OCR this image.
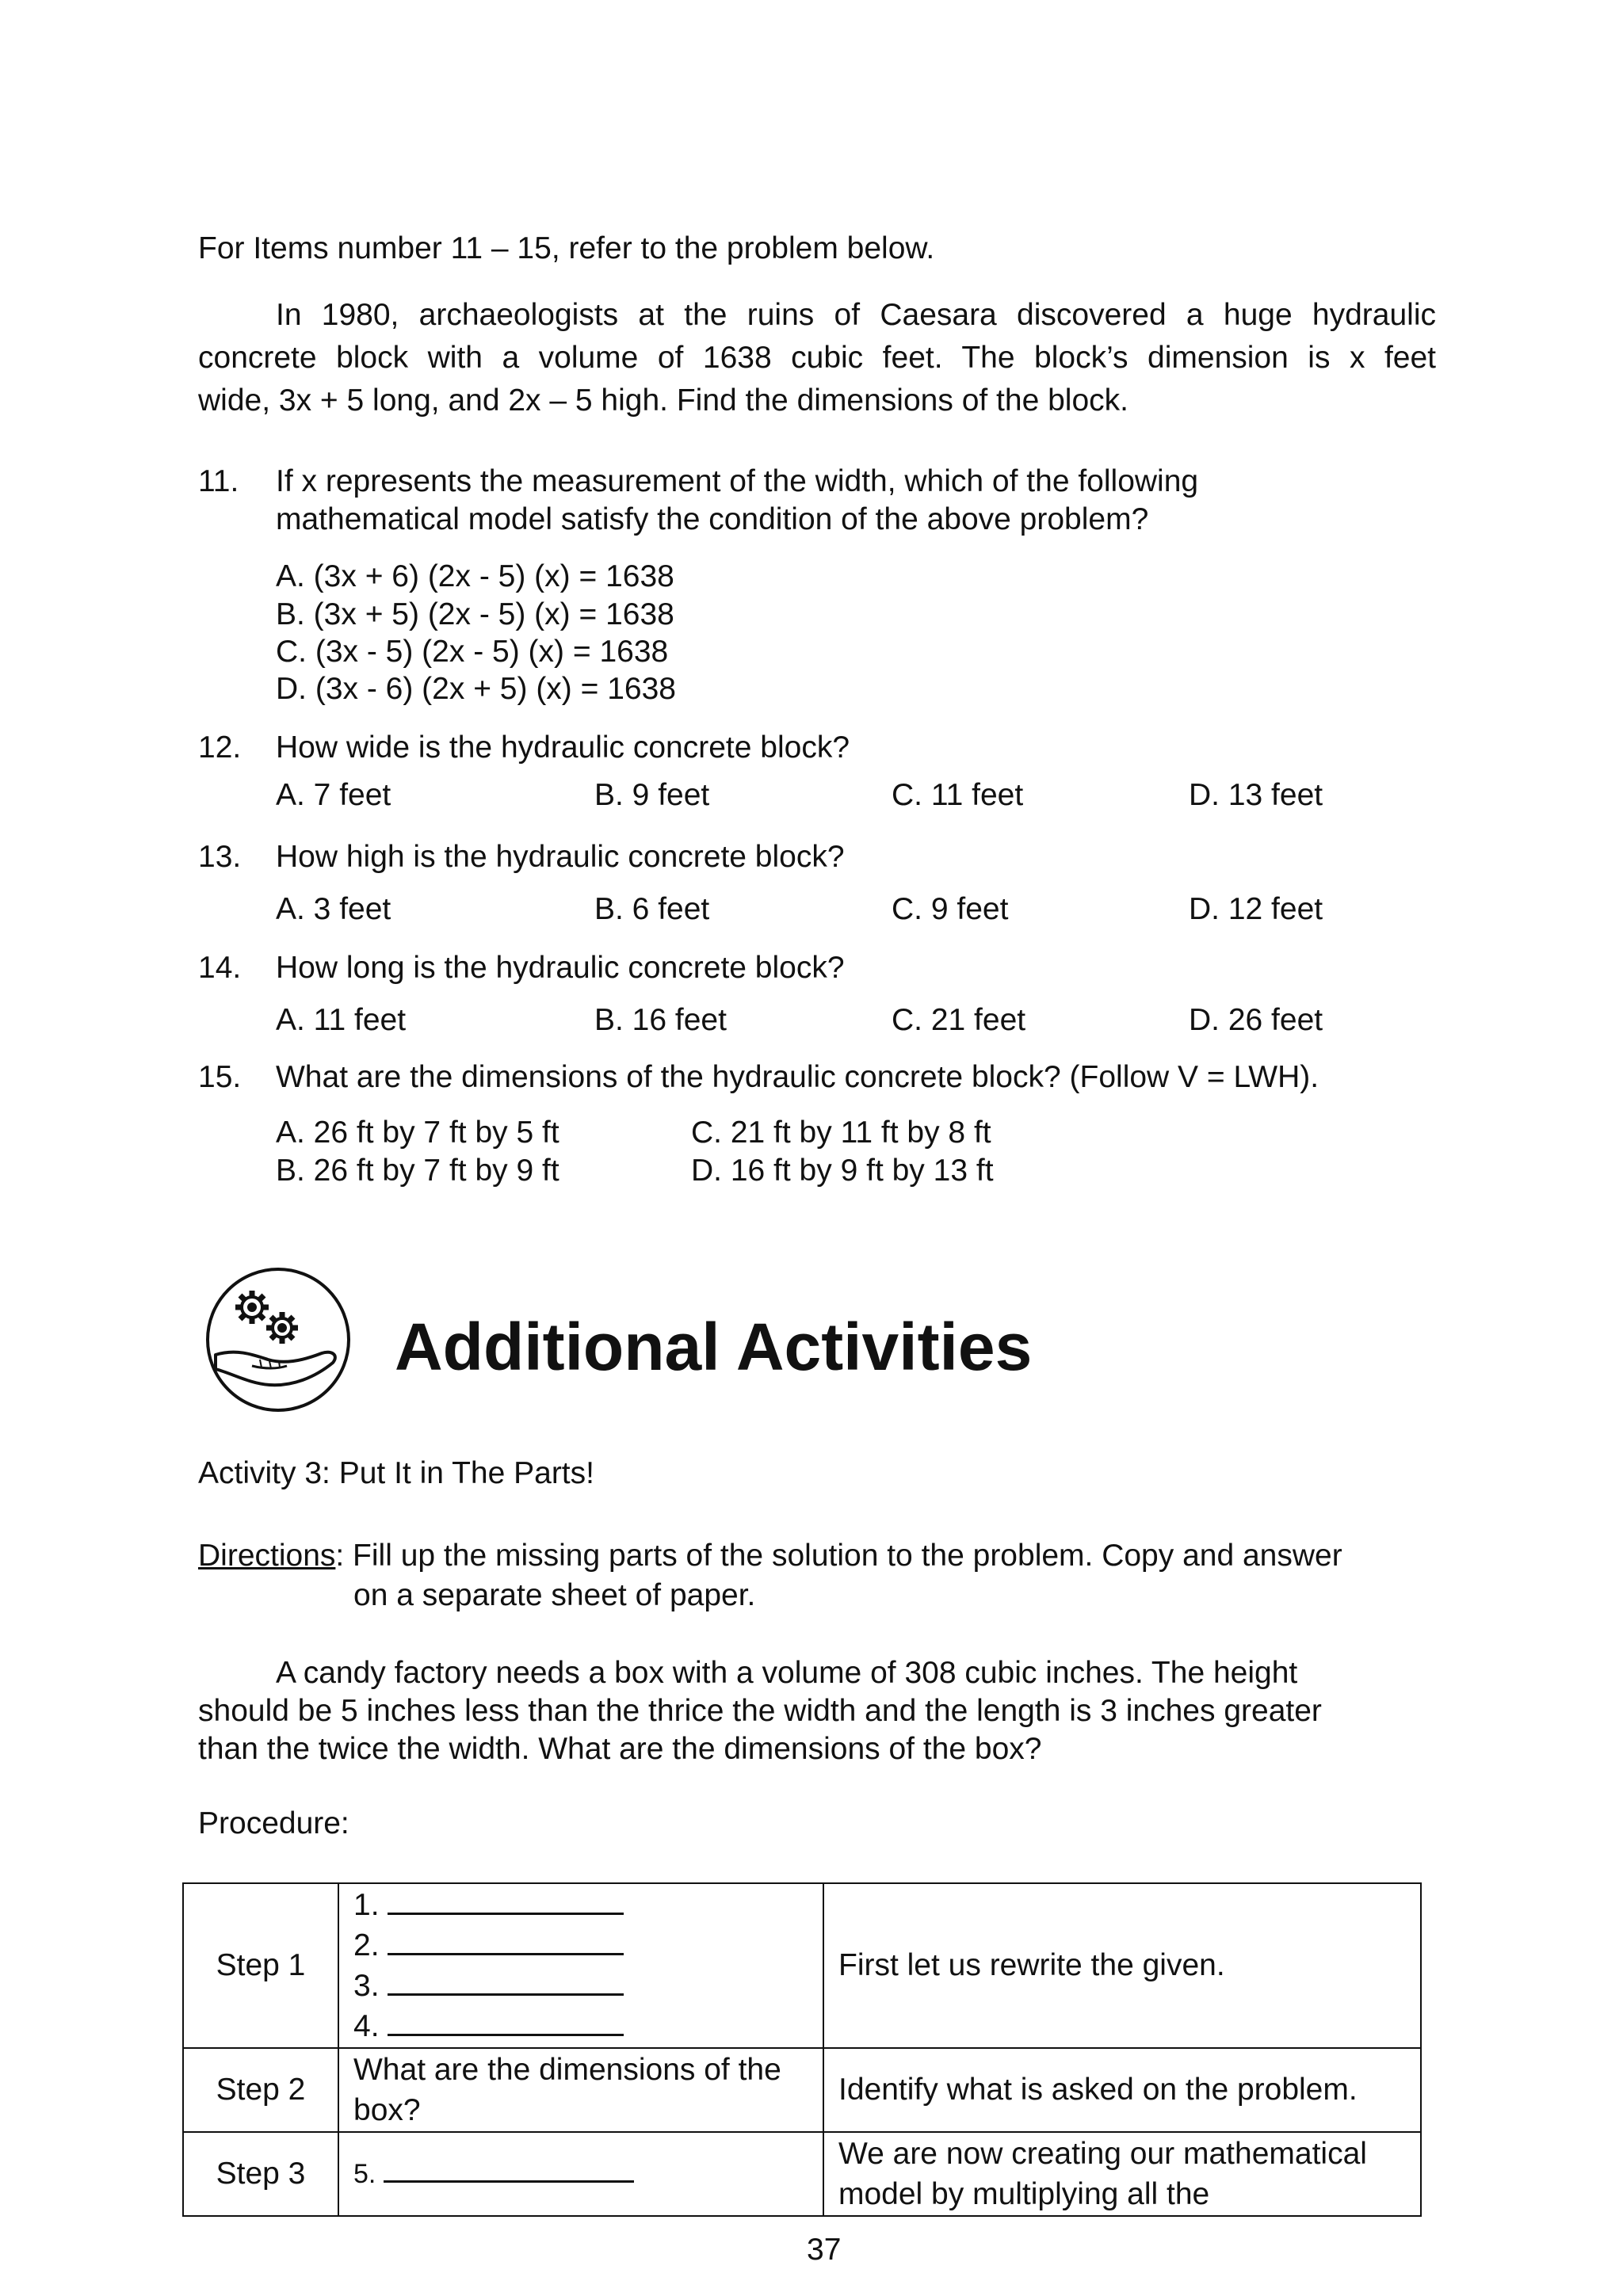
For Items number 11 – 15, refer to the problem below.
In 1980, archaeologists at the ruins of Caesara discovered a huge hydraulic
concrete block with a volume of 1638 cubic feet. The block’s dimension is x feet
wide, 3x + 5 long, and 2x – 5 high. Find the dimensions of the block.
11. If x represents the measurement of the width, which of the following
mathematical model satisfy the condition of the above problem?
A. (3x + 6) (2x - 5) (x) = 1638
B. (3x + 5) (2x - 5) (x) = 1638
C. (3x - 5) (2x - 5) (x) = 1638
D. (3x - 6) (2x + 5) (x) = 1638
12. How wide is the hydraulic concrete block?
A. 7 feet	B. 9 feet	C. 11 feet	D. 13 feet
13. How high is the hydraulic concrete block?
A. 3 feet	B. 6 feet	C. 9 feet	D. 12 feet
14. How long is the hydraulic concrete block?
A. 11 feet	B. 16 feet	C. 21 feet	D. 26 feet
15. What are the dimensions of the hydraulic concrete block? (Follow V = LWH).
A. 26 ft by 7 ft by 5 ft
B. 26 ft by 7 ft by 9 ft
C. 21 ft by 11 ft by 8 ft
D. 16 ft by 9 ft by 13 ft
Additional Activities
Activity 3: Put It in The Parts!
Directions: Fill up the missing parts of the solution to the problem. Copy and answer
on a separate sheet of paper.
A candy factory needs a box with a volume of 308 cubic inches. The height
should be 5 inches less than the thrice the width and the length is 3 inches greater
than the twice the width. What are the dimensions of the box?
Procedure:
Step 1	1.
2.
3.
4.	First let us rewrite the given.
Step 2	What are the dimensions of the
box?	Identify what is asked on the problem.
Step 3	5.	We are now creating our mathematical
model by multiplying all the
37
